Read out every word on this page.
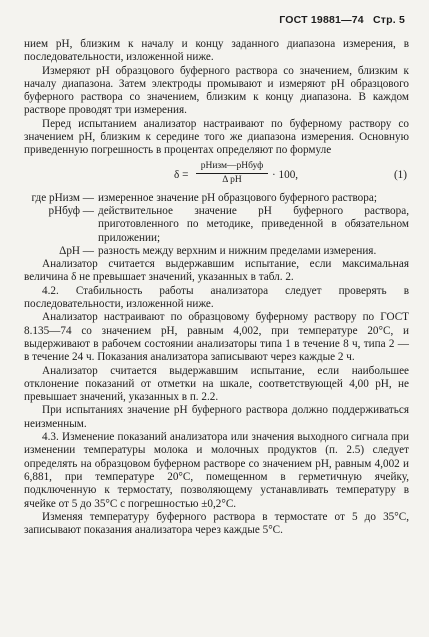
ГОСТ 19881—74 Стр. 5

нием pH, близким к началу и концу заданного диапазона измерения, в последовательности, изложенной ниже.

Измеряют pH образцового буферного раствора со значением, близким к началу диапазона. Затем электроды промывают и измеряют pH образцового буферного раствора со значением, близким к концу диапазона. В каждом растворе проводят три измерения.

Перед испытанием анализатор настраивают по буферному раствору со значением pH, близким к середине того же диапазона измерения. Основную приведенную погрешность в процентах определяют по формуле

δ =
pHизм—pHбуф
Δ pH	· 100,	(1)
где pHизм — измеренное значение pH образцового буферного раствора;
pHбуф — действительное значение pH буферного раствора, приготовленного по методике, приведенной в обязательном приложении;
ΔpH — разность между верхним и нижним пределами измерения.

Анализатор считается выдержавшим испытание, если максимальная величина δ не превышает значений, указанных в табл. 2.

4.2. Стабильность работы анализатора следует проверять в последовательности, изложенной ниже.

Анализатор настраивают по образцовому буферному раствору по ГОСТ 8.135—74 со значением pH, равным 4,002, при температуре 20°C, и выдерживают в рабочем состоянии анализаторы типа 1 в течение 8 ч, типа 2 — в течение 24 ч. Показания анализатора записывают через каждые 2 ч.

Анализатор считается выдержавшим испытание, если наибольшее отклонение показаний от отметки на шкале, соответствующей 4,00 pH, не превышает значений, указанных в п. 2.2.

При испытаниях значение pH буферного раствора должно поддерживаться неизменным.

4.3. Изменение показаний анализатора или значения выходного сигнала при изменении температуры молока и молочных продуктов (п. 2.5) следует определять на образцовом буферном растворе со значением pH, равным 4,002 и 6,881, при температуре 20°C, помещенном в герметичную ячейку, подключенную к термостату, позволяющему устанавливать температуру в ячейке от 5 до 35°C с погрешностью ±0,2°C.

Изменяя температуру буферного раствора в термостате от 5 до 35°C, записывают показания анализатора через каждые 5°C.
